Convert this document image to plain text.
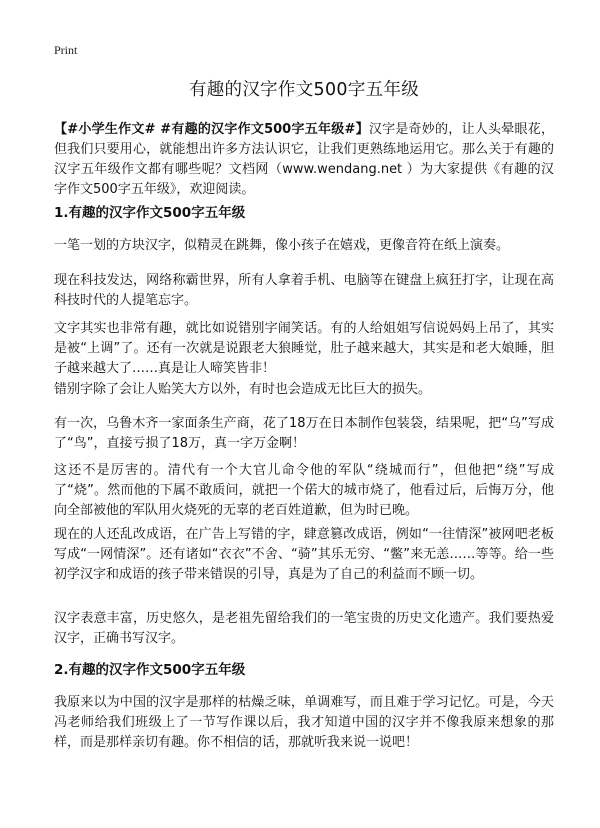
Print
有趣的汉字作文500字五年级
【#小学生作文# #有趣的汉字作文500字五年级#】汉字是奇妙的，让人头晕眼花，但我们只要用心，就能想出许多方法认识它，让我们更熟练地运用它。那么关于有趣的汉字五年级作文都有哪些呢？文档网（www.wendang.net ）为大家提供《有趣的汉字作文500字五年级》，欢迎阅读。
1.有趣的汉字作文500字五年级

一笔一划的方块汉字，似精灵在跳舞，像小孩子在嬉戏，更像音符在纸上演奏。

现在科技发达，网络称霸世界，所有人拿着手机、电脑等在键盘上疯狂打字，让现在高科技时代的人提笔忘字。

文字其实也非常有趣，就比如说错别字闹笑话。有的人给姐姐写信说妈妈上吊了，其实是被“上调”了。还有一次就是说跟老大狼睡觉，肚子越来越大，其实是和老大娘睡，胆子越来越大了……真是让人啼笑皆非！

错别字除了会让人贻笑大方以外，有时也会造成无比巨大的损失。

有一次，乌鲁木齐一家面条生产商，花了18万在日本制作包装袋，结果呢，把“乌”写成了“鸟”，直接亏损了18万，真一字万金啊！

这还不是厉害的。清代有一个大官儿命令他的军队“绕城而行”，但他把“绕”写成了“烧”。然而他的下属不敢质问，就把一个偌大的城市烧了，他看过后，后悔万分，他向全部被他的军队用火烧死的无辜的老百姓道歉，但为时已晚。

现在的人还乱改成语，在广告上写错的字，肆意篡改成语，例如“一往情深”被网吧老板写成“一网情深”。还有诸如“衣衣”不舍、“骑”其乐无穷、“鳖”来无恙……等等。给一些初学汉字和成语的孩子带来错误的引导，真是为了自己的利益而不顾一切。

汉字表意丰富，历史悠久，是老祖先留给我们的一笔宝贵的历史文化遗产。我们要热爱汉字，正确书写汉字。

2.有趣的汉字作文500字五年级

我原来以为中国的汉字是那样的枯燥乏味，单调难写，而且难于学习记忆。可是，今天冯老师给我们班级上了一节写作课以后，我才知道中国的汉字并不像我原来想象的那样，而是那样亲切有趣。你不相信的话，那就听我来说一说吧！
